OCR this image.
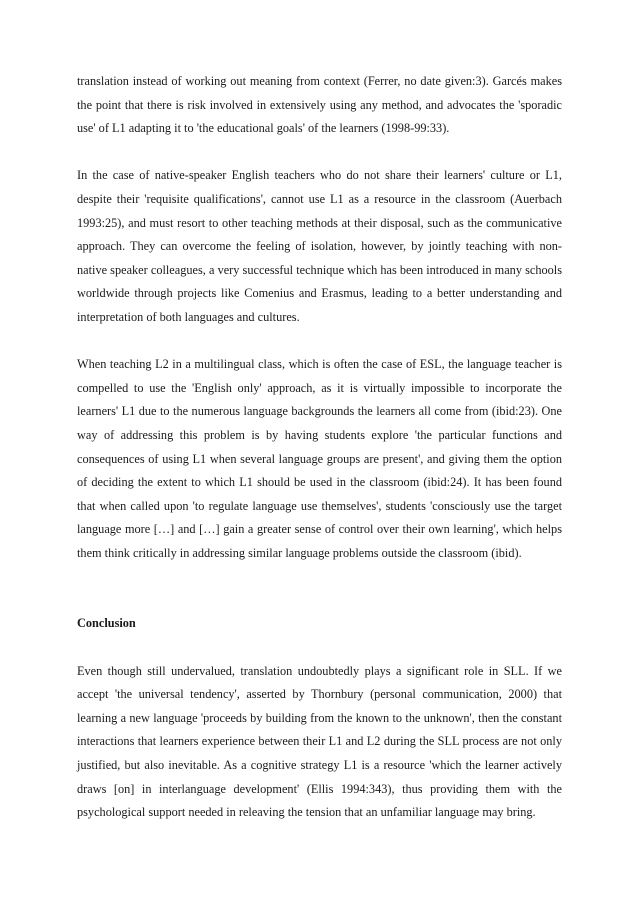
translation instead of working out meaning from context (Ferrer, no date given:3). Garcés makes the point that there is risk involved in extensively using any method, and advocates the 'sporadic use' of L1 adapting it to 'the educational goals' of the learners (1998-99:33).

In the case of native-speaker English teachers who do not share their learners' culture or L1, despite their 'requisite qualifications', cannot use L1 as a resource in the classroom (Auerbach 1993:25), and must resort to other teaching methods at their disposal, such as the communicative approach. They can overcome the feeling of isolation, however, by jointly teaching with non-native speaker colleagues, a very successful technique which has been introduced in many schools worldwide through projects like Comenius and Erasmus, leading to a better understanding and interpretation of both languages and cultures.

When teaching L2 in a multilingual class, which is often the case of ESL, the language teacher is compelled to use the 'English only' approach, as it is virtually impossible to incorporate the learners' L1 due to the numerous language backgrounds the learners all come from (ibid:23). One way of addressing this problem is by having students explore 'the particular functions and consequences of using L1 when several language groups are present', and giving them the option of deciding the extent to which L1 should be used in the classroom (ibid:24). It has been found that when called upon 'to regulate language use themselves', students 'consciously use the target language more […] and […] gain a greater sense of control over their own learning', which helps them think critically in addressing similar language problems outside the classroom (ibid).

Conclusion

Even though still undervalued, translation undoubtedly plays a significant role in SLL. If we accept 'the universal tendency', asserted by Thornbury (personal communication, 2000) that learning a new language 'proceeds by building from the known to the unknown', then the constant interactions that learners experience between their L1 and L2 during the SLL process are not only justified, but also inevitable. As a cognitive strategy L1 is a resource 'which the learner actively draws [on] in interlanguage development' (Ellis 1994:343), thus providing them with the psychological support needed in releaving the tension that an unfamiliar language may bring.
